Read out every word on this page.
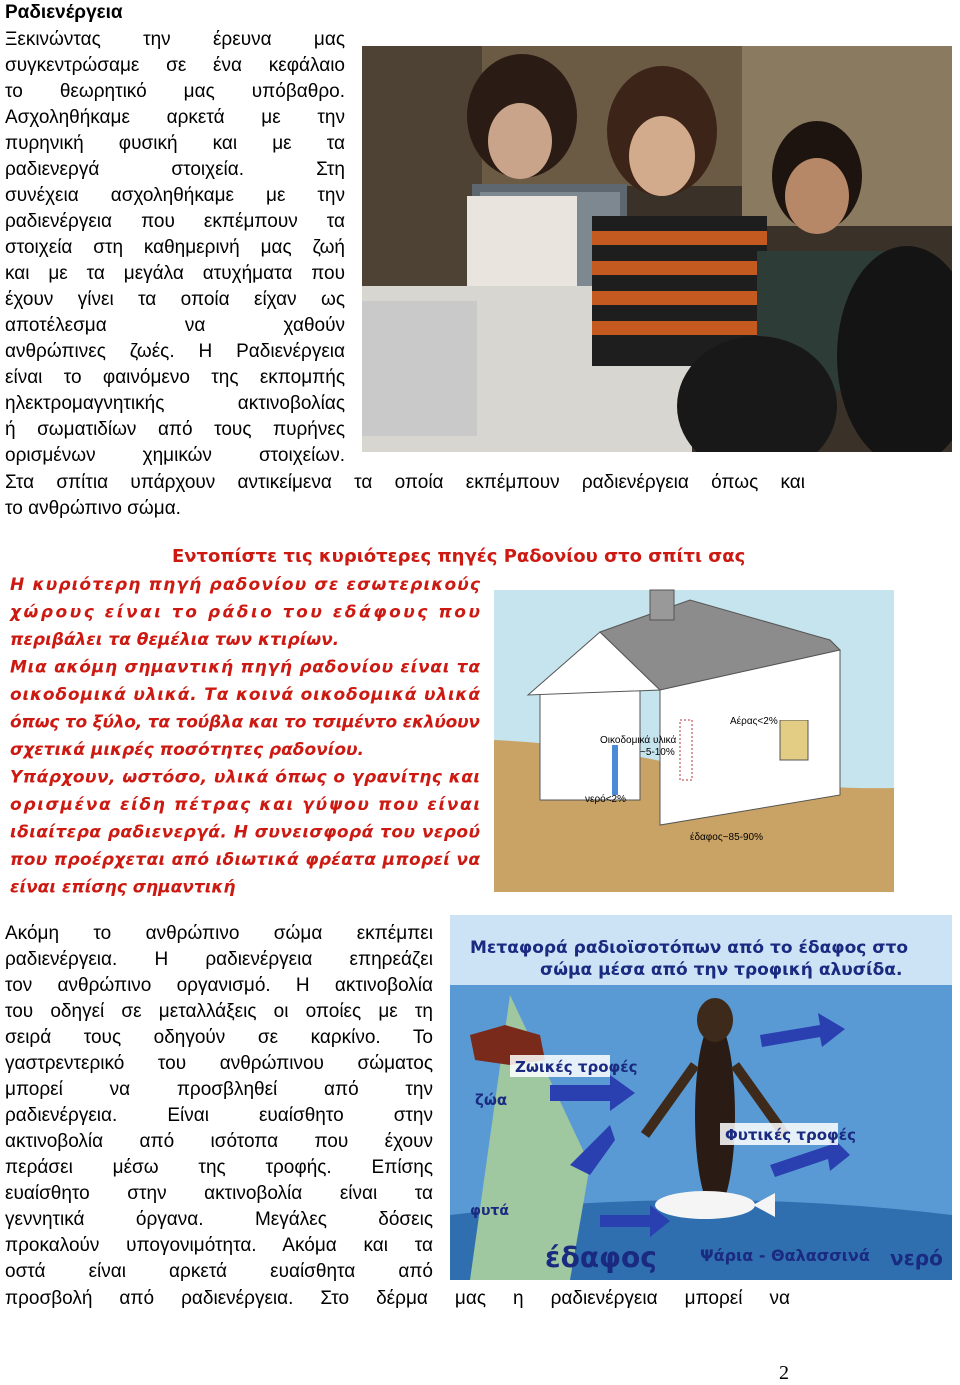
Ραδιενέργεια
Ξεκινώντας την έρευνα μας
συγκεντρώσαμε σε ένα κεφάλαιο
το θεωρητικό μας υπόβαθρο.
Ασχοληθήκαμε αρκετά με την
πυρηνική φυσική και με τα
ραδιενεργά στοιχεία. Στη
συνέχεια ασχοληθήκαμε με την
ραδιενέργεια που εκπέμπουν τα
στοιχεία στη καθημερινή μας ζωή
και με τα μεγάλα ατυχήματα που
έχουν γίνει τα οποία είχαν ως
αποτέλεσμα να χαθούν
ανθρώπινες ζωές. Η Ραδιενέργεια
είναι το φαινόμενο της εκπομπής
ηλεκτρομαγνητικής ακτινοβολίας
ή σωματιδίων από τους πυρήνες
ορισμένων χημικών στοιχείων.
Στα σπίτια υπάρχουν αντικείμενα τα οποία εκπέμπουν ραδιενέργεια όπως και
το ανθρώπινο σώμα.
Εντοπίστε τις κυριότερες πηγές Ραδονίου στο σπίτι σας
Η κυριότερη πηγή ραδονίου σε εσωτερικούς
χώρους είναι το ράδιο του εδάφους που
περιβάλει τα θεμέλια των κτιρίων.
Μια ακόμη σημαντική πηγή ραδονίου είναι τα
οικοδομικά υλικά. Τα κοινά οικοδομικά υλικά
όπως το ξύλο, τα τούβλα και το τσιμέντο εκλύουν
σχετικά μικρές ποσότητες ραδονίου.
Υπάρχουν, ωστόσο, υλικά όπως ο γρανίτης και
ορισμένα είδη πέτρας και γύψου που είναι
ιδιαίτερα ραδιενεργά. Η συνεισφορά του νερού
που προέρχεται από ιδιωτικά φρέατα μπορεί να
είναι επίσης σημαντική
Οικοδομικά υλικά
~5-10%
Αέρας<2%
νερό<2%
έδαφος~85-90%
Ακόμη το ανθρώπινο σώμα εκπέμπει
ραδιενέργεια. Η ραδιενέργεια επηρεάζει
τον ανθρώπινο οργανισμό. Η ακτινοβολία
του οδηγεί σε μεταλλάξεις οι οποίες με τη
σειρά τους οδηγούν σε καρκίνο. Το
γαστρεντερικό του ανθρώπινου σώματος
μπορεί να προσβληθεί από την
ραδιενέργεια. Είναι ευαίσθητο στην
ακτινοβολία από ισότοπα που έχουν
περάσει μέσω της τροφής. Επίσης
ευαίσθητο στην ακτινοβολία είναι τα
γεννητικά όργανα. Μεγάλες δόσεις
προκαλούν υπογονιμότητα. Ακόμα και τα
οστά είναι αρκετά ευαίσθητα από
Μεταφορά ραδιοϊσοτόπων από το έδαφος στο
σώμα μέσα από την τροφική αλυσίδα.
Ζωικές τροφές
ζώα
Φυτικές τροφές
φυτά
Ψάρια - Θαλασσινά νερό
έδαφος
προσβολή από ραδιενέργεια. Στο δέρμα μας η ραδιενέργεια μπορεί να
2
